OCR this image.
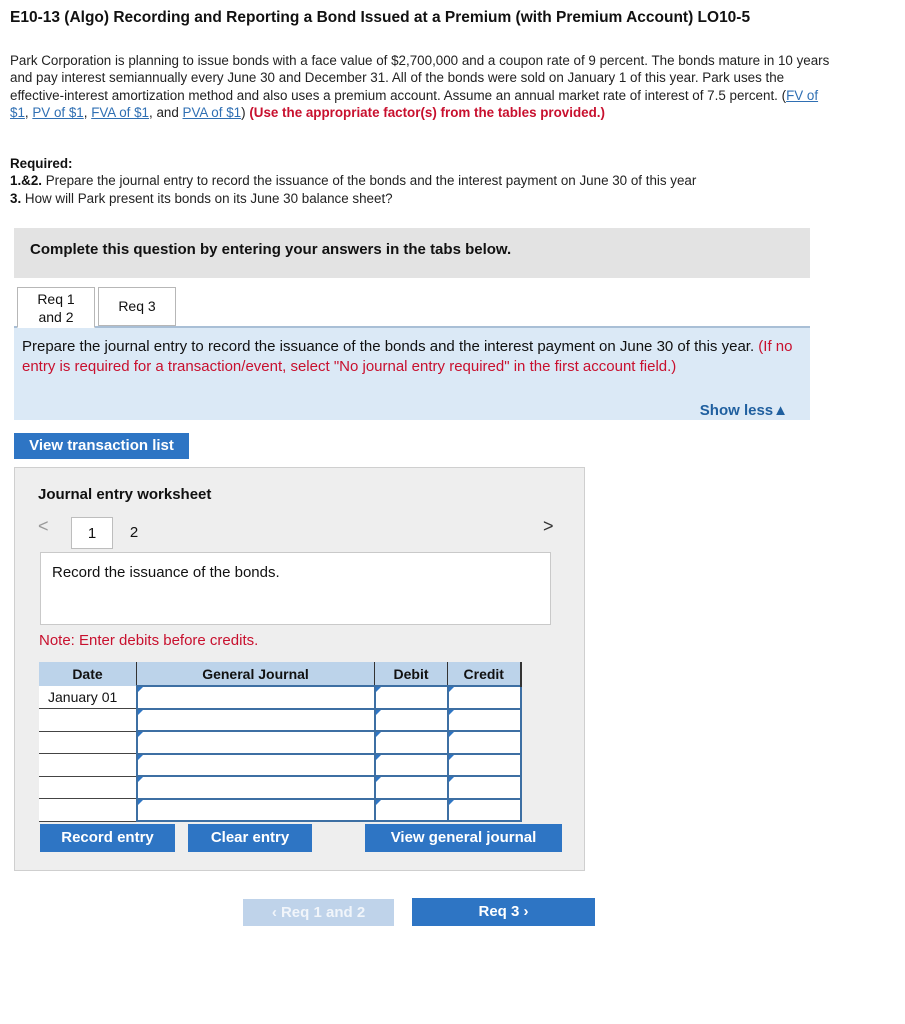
E10-13 (Algo) Recording and Reporting a Bond Issued at a Premium (with Premium Account) LO10-5
Park Corporation is planning to issue bonds with a face value of $2,700,000 and a coupon rate of 9 percent. The bonds mature in 10 years and pay interest semiannually every June 30 and December 31. All of the bonds were sold on January 1 of this year. Park uses the effective-interest amortization method and also uses a premium account. Assume an annual market rate of interest of 7.5 percent. (FV of $1, PV of $1, FVA of $1, and PVA of $1) (Use the appropriate factor(s) from the tables provided.)
Required:
1.&2. Prepare the journal entry to record the issuance of the bonds and the interest payment on June 30 of this year
3. How will Park present its bonds on its June 30 balance sheet?
Complete this question by entering your answers in the tabs below.
Req 1
and 2
Req 3
Prepare the journal entry to record the issuance of the bonds and the interest payment on June 30 of this year. (If no entry is required for a transaction/event, select "No journal entry required" in the first account field.)
Show less▲
View transaction list
Journal entry worksheet
<	>
1	2
Record the issuance of the bonds.
Note: Enter debits before credits.
Date	General Journal	Debit	Credit
January 01			

Record entry	Clear entry	View general journal
‹ Req 1 and 2	Req 3 ›
